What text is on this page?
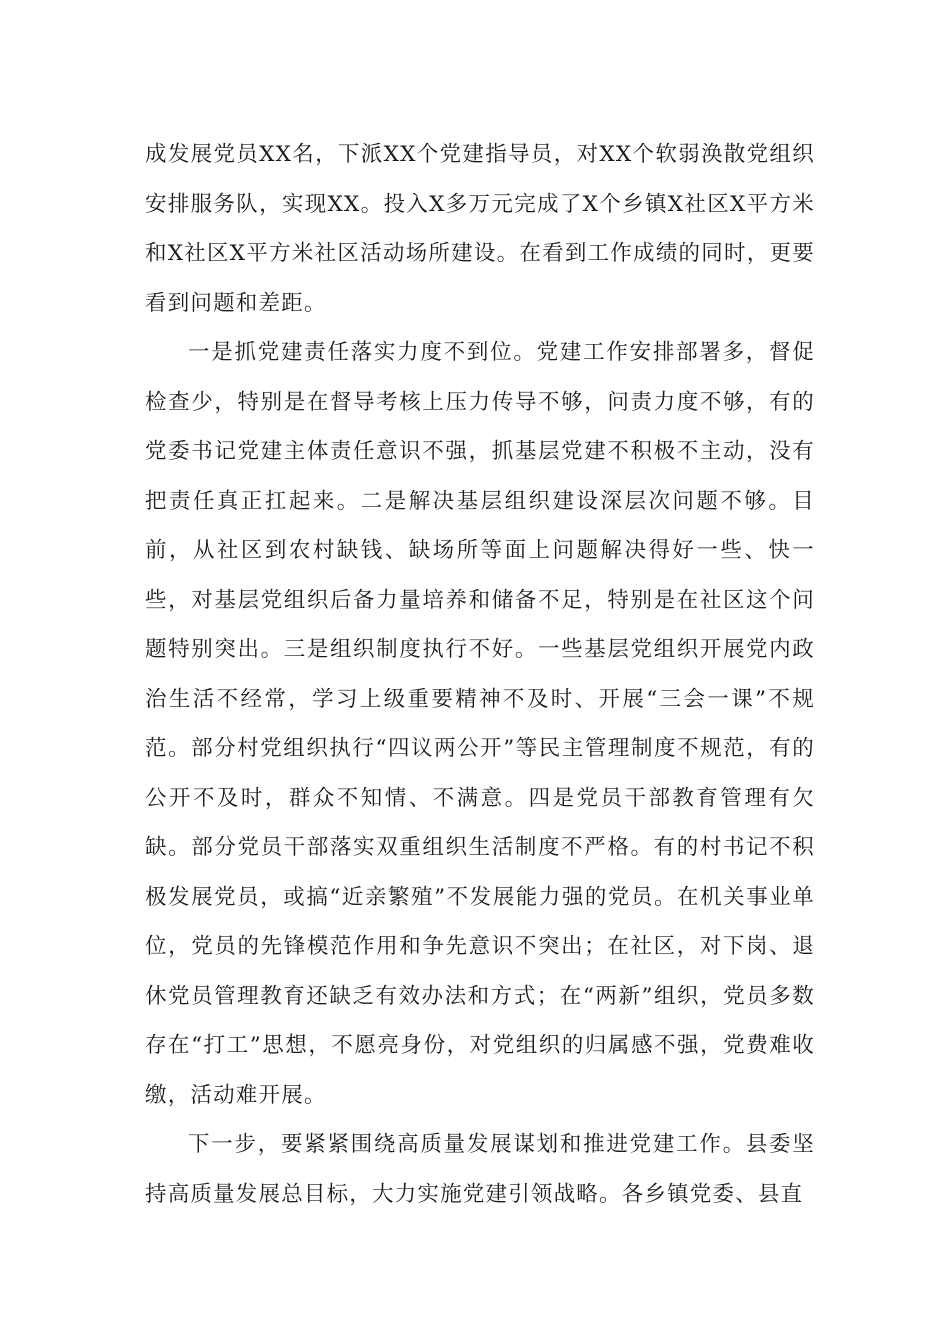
成发展党员XX名，下派XX个党建指导员，对XX个软弱涣散党组织安排服务队，实现XX。投入X多万元完成了X个乡镇X社区X平方米和X社区X平方米社区活动场所建设。在看到工作成绩的同时，更要看到问题和差距。

一是抓党建责任落实力度不到位。党建工作安排部署多，督促检查少，特别是在督导考核上压力传导不够，问责力度不够，有的党委书记党建主体责任意识不强，抓基层党建不积极不主动，没有把责任真正扛起来。二是解决基层组织建设深层次问题不够。目前，从社区到农村缺钱、缺场所等面上问题解决得好一些、快一些，对基层党组织后备力量培养和储备不足，特别是在社区这个问题特别突出。三是组织制度执行不好。一些基层党组织开展党内政治生活不经常，学习上级重要精神不及时、开展“三会一课”不规范。部分村党组织执行“四议两公开”等民主管理制度不规范，有的公开不及时，群众不知情、不满意。四是党员干部教育管理有欠缺。部分党员干部落实双重组织生活制度不严格。有的村书记不积极发展党员，或搞“近亲繁殖”不发展能力强的党员。在机关事业单位，党员的先锋模范作用和争先意识不突出；在社区，对下岗、退休党员管理教育还缺乏有效办法和方式；在“两新”组织，党员多数存在“打工”思想，不愿亮身份，对党组织的归属感不强，党费难收缴，活动难开展。

下一步，要紧紧围绕高质量发展谋划和推进党建工作。县委坚持高质量发展总目标，大力实施党建引领战略。各乡镇党委、县直
